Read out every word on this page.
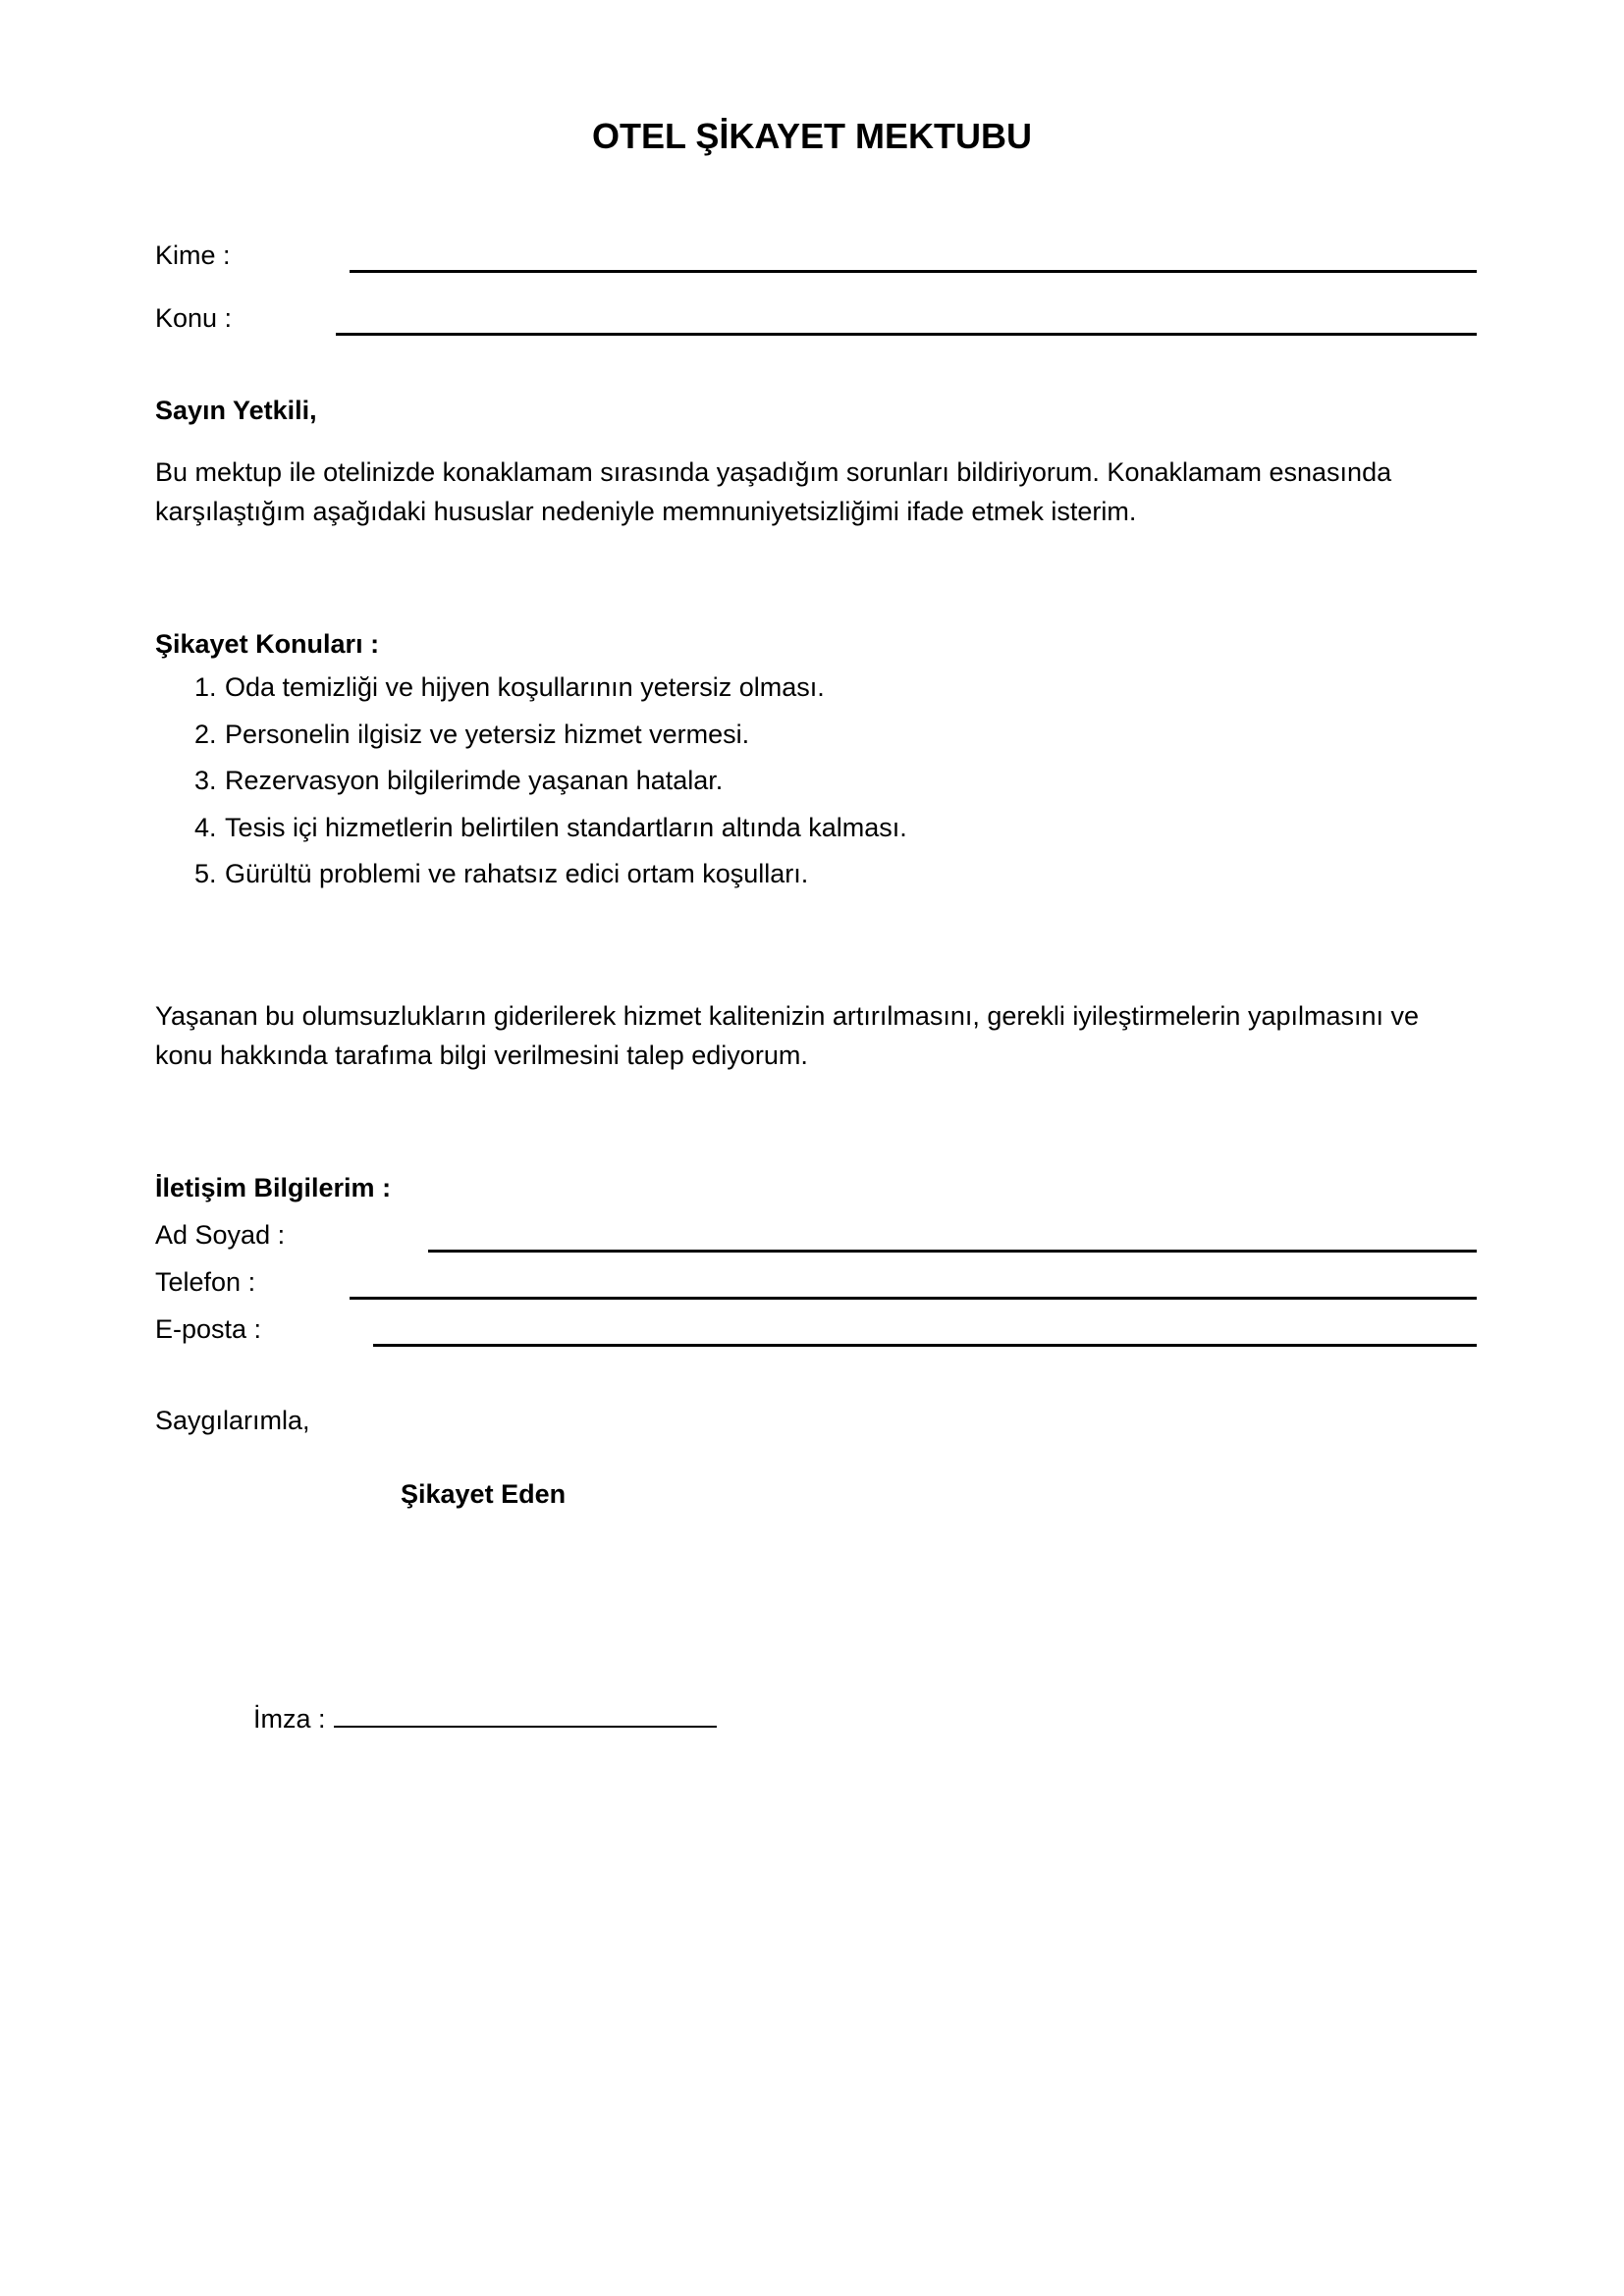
OTEL ŞİKAYET MEKTUBU
Kime :
Konu :
Sayın Yetkili,
Bu mektup ile otelinizde konaklamam sırasında yaşadığım sorunları bildiriyorum. Konaklamam esnasında
karşılaştığım aşağıdaki hususlar nedeniyle memnuniyetsizliğimi ifade etmek isterim.
Şikayet Konuları :
1. Oda temizliği ve hijyen koşullarının yetersiz olması.
2. Personelin ilgisiz ve yetersiz hizmet vermesi.
3. Rezervasyon bilgilerimde yaşanan hatalar.
4. Tesis içi hizmetlerin belirtilen standartların altında kalması.
5. Gürültü problemi ve rahatsız edici ortam koşulları.
Yaşanan bu olumsuzlukların giderilerek hizmet kalitenizin artırılmasını, gerekli iyileştirmelerin yapılmasını ve
konu hakkında tarafıma bilgi verilmesini talep ediyorum.
İletişim Bilgilerim :
Ad Soyad :
Telefon :
E-posta :
Saygılarımla,
Şikayet Eden
İmza :
